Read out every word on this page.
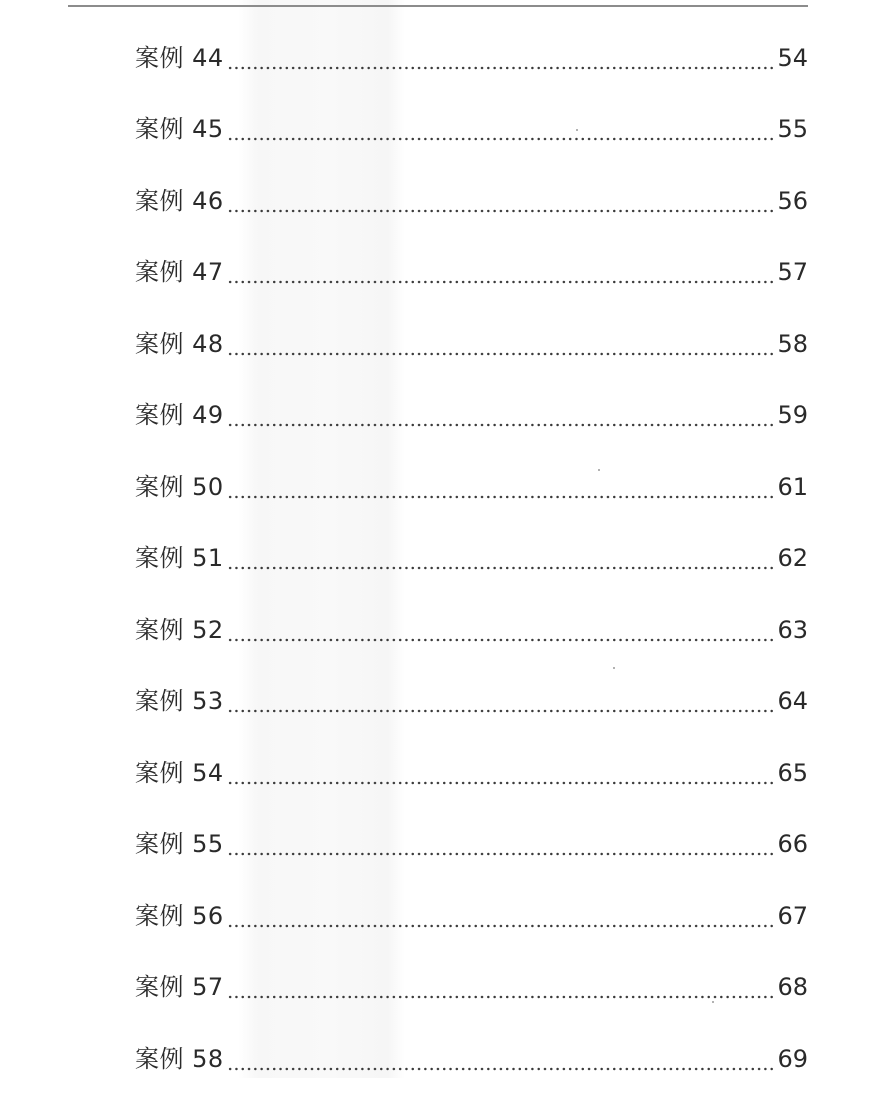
案例 44	54
案例 45	55
案例 46	56
案例 47	57
案例 48	58
案例 49	59
案例 50	61
案例 51	62
案例 52	63
案例 53	64
案例 54	65
案例 55	66
案例 56	67
案例 57	68
案例 58	69
